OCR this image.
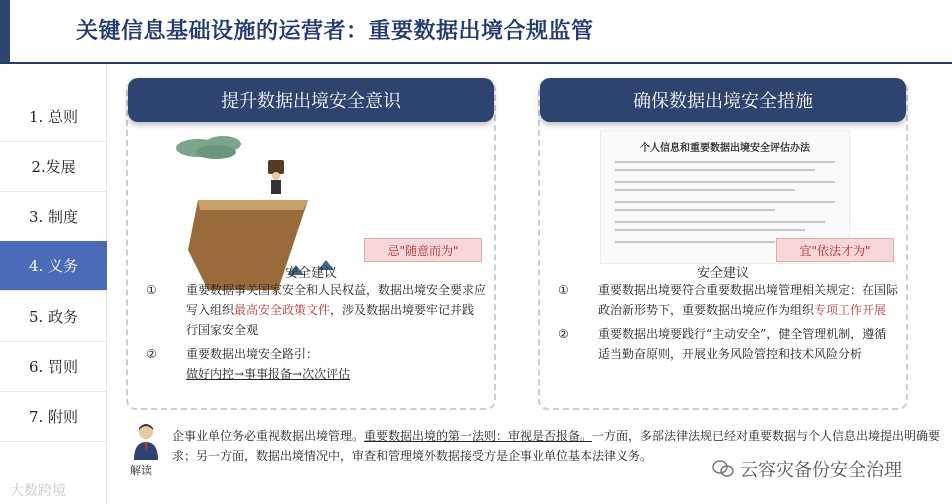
关键信息基础设施的运营者：重要数据出境合规监管
1. 总则
2.发展
3. 制度
4. 义务
5. 政务
6. 罚则
7. 附则
提升数据出境安全意识
忌"随意而为"
安全建议
①	重要数据事关国家安全和人民权益，数据出境安全要求应写入组织最高安全政策文件，涉及数据出境要牢记并践行国家安全观
②	重要数据出境安全路引：
做好内控→事事报备→次次评估
确保数据出境安全措施
个人信息和重要数据出境安全评估办法
宜"依法才为"
安全建议
①	重要数据出境要符合重要数据出境管理相关规定：在国际政治新形势下，重要数据出境应作为组织专项工作开展
②	重要数据出境要践行“主动安全”，健全管理机制，遵循适当勤奋原则，开展业务风险管控和技术风险分析
解读
企事业单位务必重视数据出境管理。重要数据出境的第一法则：审视是否报备。一方面，多部法律法规已经对重要数据与个人信息出境提出明确要求；另一方面，数据出境情况中，审查和管理境外数据接受方是企事业单位基本法律义务。
大数跨境
云容灾备份安全治理
